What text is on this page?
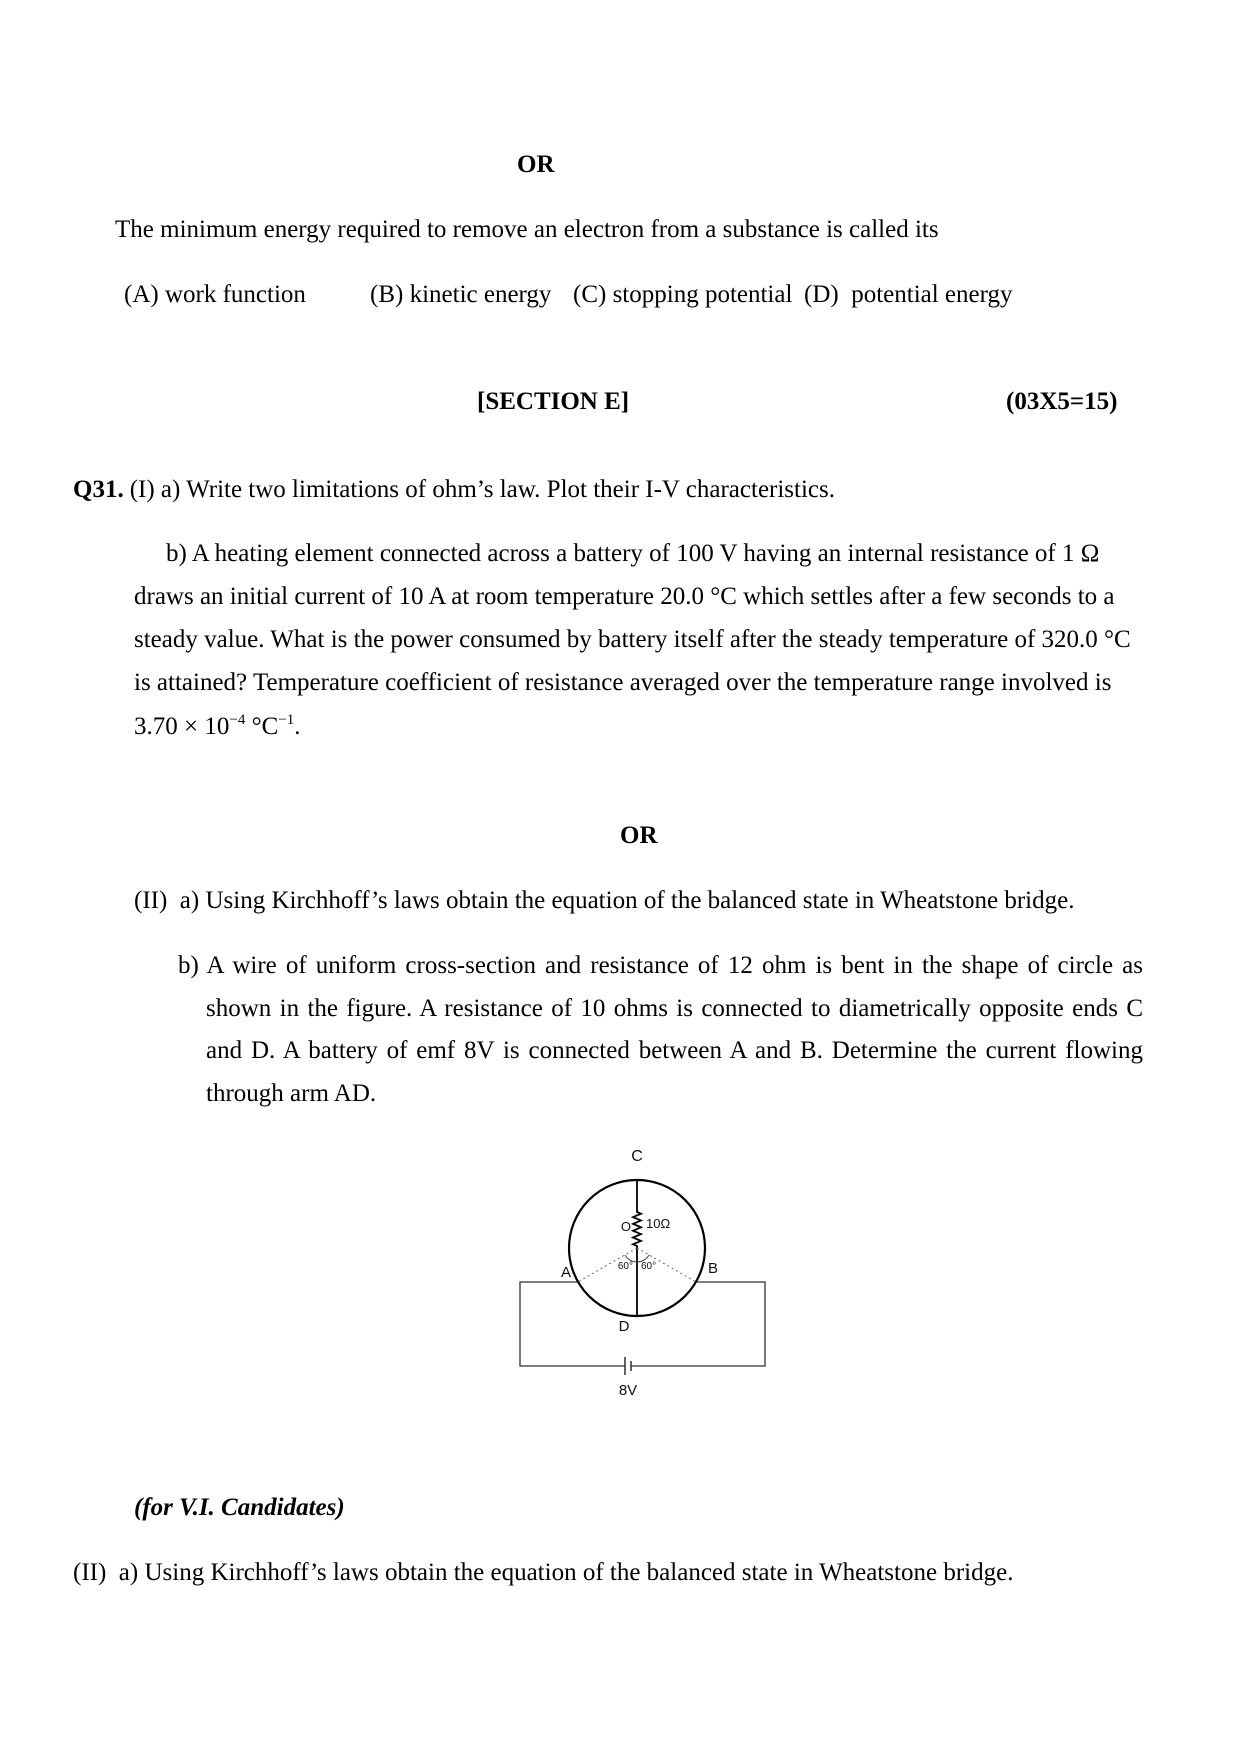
OR
The minimum energy required to remove an electron from a substance is called its
(A) work function	(B) kinetic energy (C) stopping potential (D)  potential energy
[SECTION E]	(03X5=15)
Q31. (I) a) Write two limitations of ohm’s law. Plot their I-V characteristics.
b) A heating element connected across a battery of 100 V having an internal resistance of 1 Ω
draws an initial current of 10 A at room temperature 20.0 °C which settles after a few seconds to a
steady value. What is the power consumed by battery itself after the steady temperature of 320.0 °C
is attained? Temperature coefficient of resistance averaged over the temperature range involved is
$3.70 \times 10^{-4}$ $^\circ C^{-1}$.
OR
(II)  a) Using Kirchhoff’s laws obtain the equation of the balanced state in Wheatstone bridge.
b) A wire of uniform cross-section and resistance of 12 ohm is bent in the shape of circle as
shown in the figure. A resistance of 10 ohms is connected to diametrically opposite ends C
and D. A battery of emf 8V is connected between A and B. Determine the current flowing
through arm AD.
C
O 10Ω
60° 60°
A	B
D
8V
(for V.I. Candidates)
(II)  a) Using Kirchhoff’s laws obtain the equation of the balanced state in Wheatstone bridge.
